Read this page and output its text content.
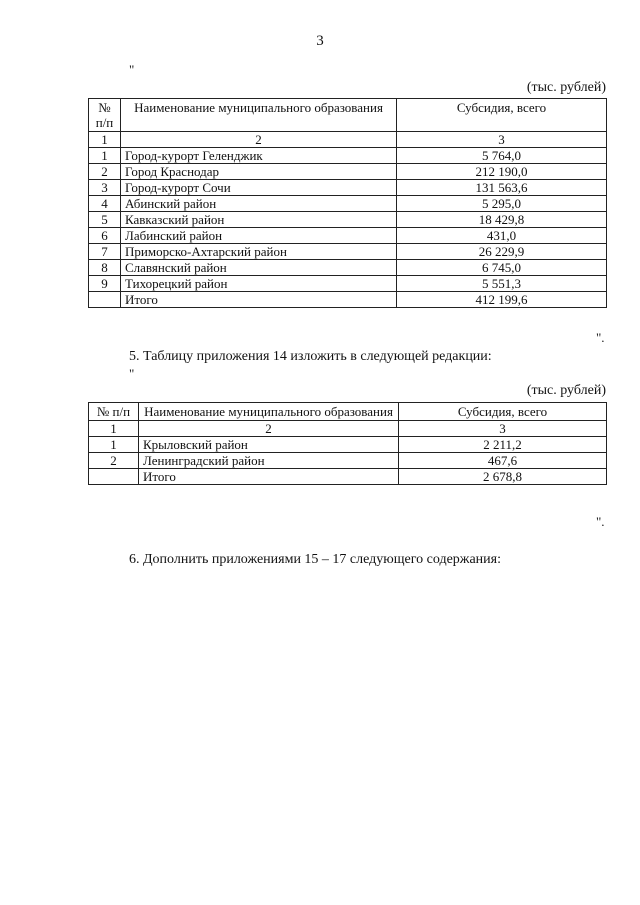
3
"
(тыс. рублей)
№ п/п	Наименование муниципального образования	Субсидия, всего
1	2	3
1	Город-курорт Геленджик	5 764,0
2	Город Краснодар	212 190,0
3	Город-курорт Сочи	131 563,6
4	Абинский район	5 295,0
5	Кавказский район	18 429,8
6	Лабинский район	431,0
7	Приморско-Ахтарский район	26 229,9
8	Славянский район	6 745,0
9	Тихорецкий район	5 551,3
	Итого	412 199,6
".
5. Таблицу приложения 14 изложить в следующей редакции:
"
(тыс. рублей)
№ п/п	Наименование муниципального образования	Субсидия, всего
1	2	3
1	Крыловский район	2 211,2
2	Ленинградский район	467,6
	Итого	2 678,8
".
6. Дополнить приложениями 15 – 17 следующего содержания:
